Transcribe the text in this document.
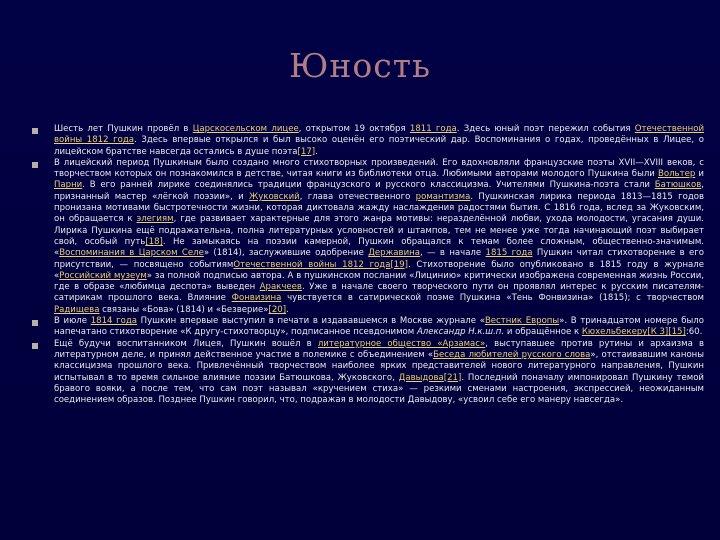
Юность
Шесть лет Пушкин провёл в Царскосельском лицее, открытом 19 октября 1811 года. Здесь юный поэт пережил события Отечественной войны 1812 года. Здесь впервые открылся и был высоко оценён его поэтический дар. Воспоминания о годах, проведённых в Лицее, о лицейском братстве навсегда остались в душе поэта[17].
В лицейский период Пушкиным было создано много стихотворных произведений. Его вдохновляли французские поэты XVII—XVIII веков, с творчеством которых он познакомился в детстве, читая книги из библиотеки отца. Любимыми авторами молодого Пушкина были Вольтер и Парни. В его ранней лирике соединялись традиции французского и русского классицизма. Учителями Пушкина-поэта стали Батюшков, признанный мастер «лёгкой поэзии», и Жуковский, глава отечественного романтизма. Пушкинская лирика периода 1813—1815 годов пронизана мотивами быстротечности жизни, которая диктовала жажду наслаждения радостями бытия. С 1816 года, вслед за Жуковским, он обращается к элегиям, где развивает характерные для этого жанра мотивы: неразделённой любви, ухода молодости, угасания души. Лирика Пушкина ещё подражательна, полна литературных условностей и штампов, тем не менее уже тогда начинающий поэт выбирает свой, особый путь[18]. Не замыкаясь на поэзии камерной, Пушкин обращался к темам более сложным, общественно-значимым. «Воспоминания в Царском Селе» (1814), заслужившие одобрение Державина, — в начале 1815 года Пушкин читал стихотворение в его присутствии, — посвящено событиямОтечественной войны 1812 года[19]. Стихотворение было опубликовано в 1815 году в журнале «Российский музеум» за полной подписью автора. А в пушкинском послании «Лицинию» критически изображена современная жизнь России, где в образе «любимца деспота» выведен Аракчеев. Уже в начале своего творческого пути он проявлял интерес к русским писателям-сатирикам прошлого века. Влияние Фонвизина чувствуется в сатирической поэме Пушкина «Тень Фонвизина» (1815); с творчеством Радищева связаны «Бова» (1814) и «Безверие»[20].
В июле 1814 года Пушкин впервые выступил в печати в издававшемся в Москве журнале «Вестник Европы». В тринадцатом номере было напечатано стихотворение «К другу-стихотворцу», подписанное псевдонимом Александр Н.к.ш.п. и обращённое к Кюхельбекеру[К 3][15]:60.
Ещё будучи воспитанником Лицея, Пушкин вошёл в литературное общество «Арзамас», выступавшее против рутины и архаизма в литературном деле, и принял действенное участие в полемике с объединением «Беседа любителей русского слова», отстаивавшим каноны классицизма прошлого века. Привлечённый творчеством наиболее ярких представителей нового литературного направления, Пушкин испытывал в то время сильное влияние поэзии Батюшкова, Жуковского, Давыдова[21]. Последний поначалу импонировал Пушкину темой бравого вояки, а после тем, что сам поэт называл «кручением стиха» — резкими сменами настроения, экспрессией, неожиданным соединением образов. Позднее Пушкин говорил, что, подражая в молодости Давыдову, «усвоил себе его манеру навсегда».
